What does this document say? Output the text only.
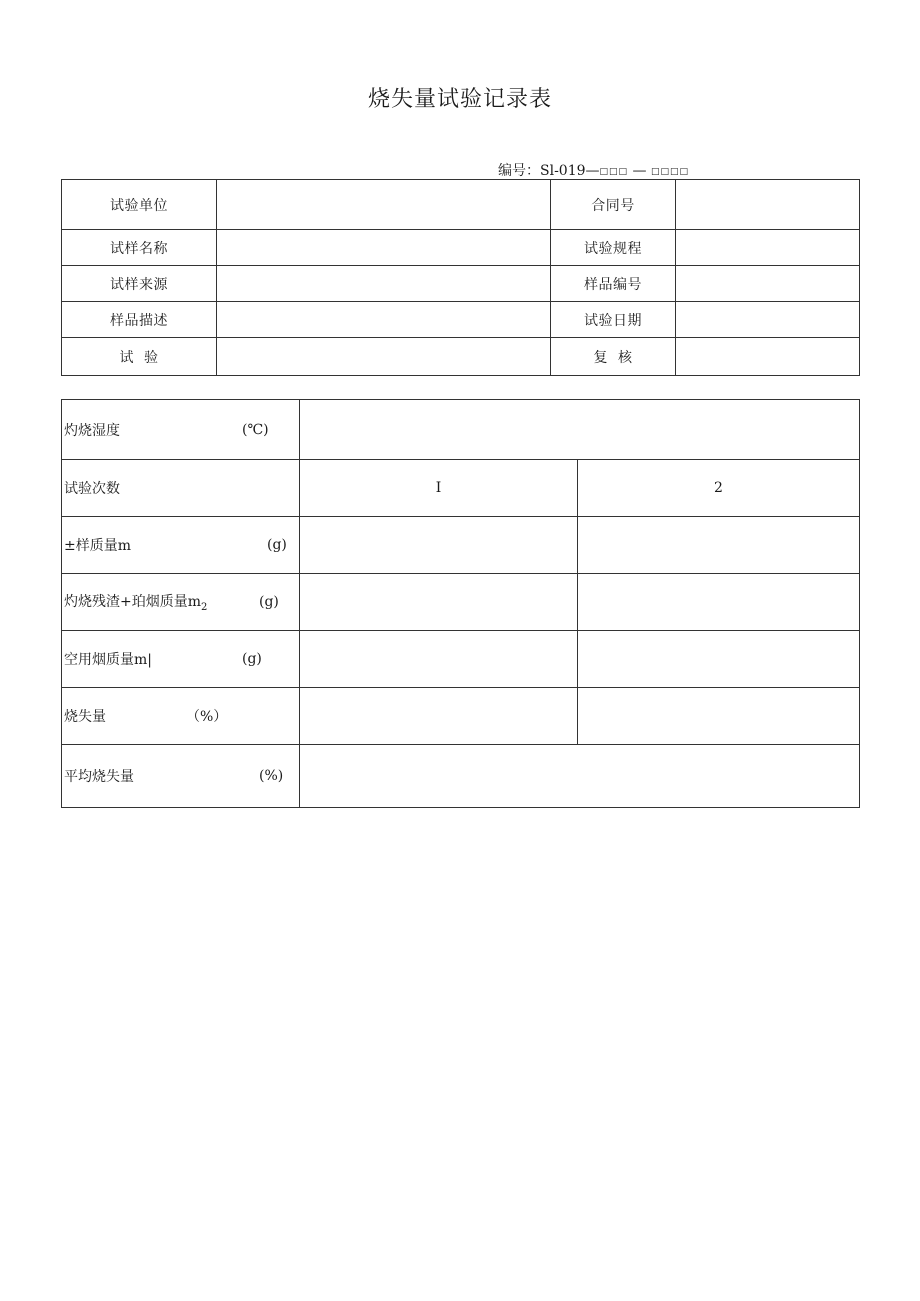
烧失量试验记录表
编号：Sl-019—□□□ — □□□□
试验单位		合同号	
试样名称		试验规程	
试样来源		样品编号	
样品描述		试验日期	
试  验		复  核	
灼烧湿度 (℃)		

试验次数	I	2

±样质量m (g)		

灼烧残渣+珀烟质量$m_2$ (g)		

空用烟质量m| (g)		

烧失量 （%）		

平均烧失量 (%)		
